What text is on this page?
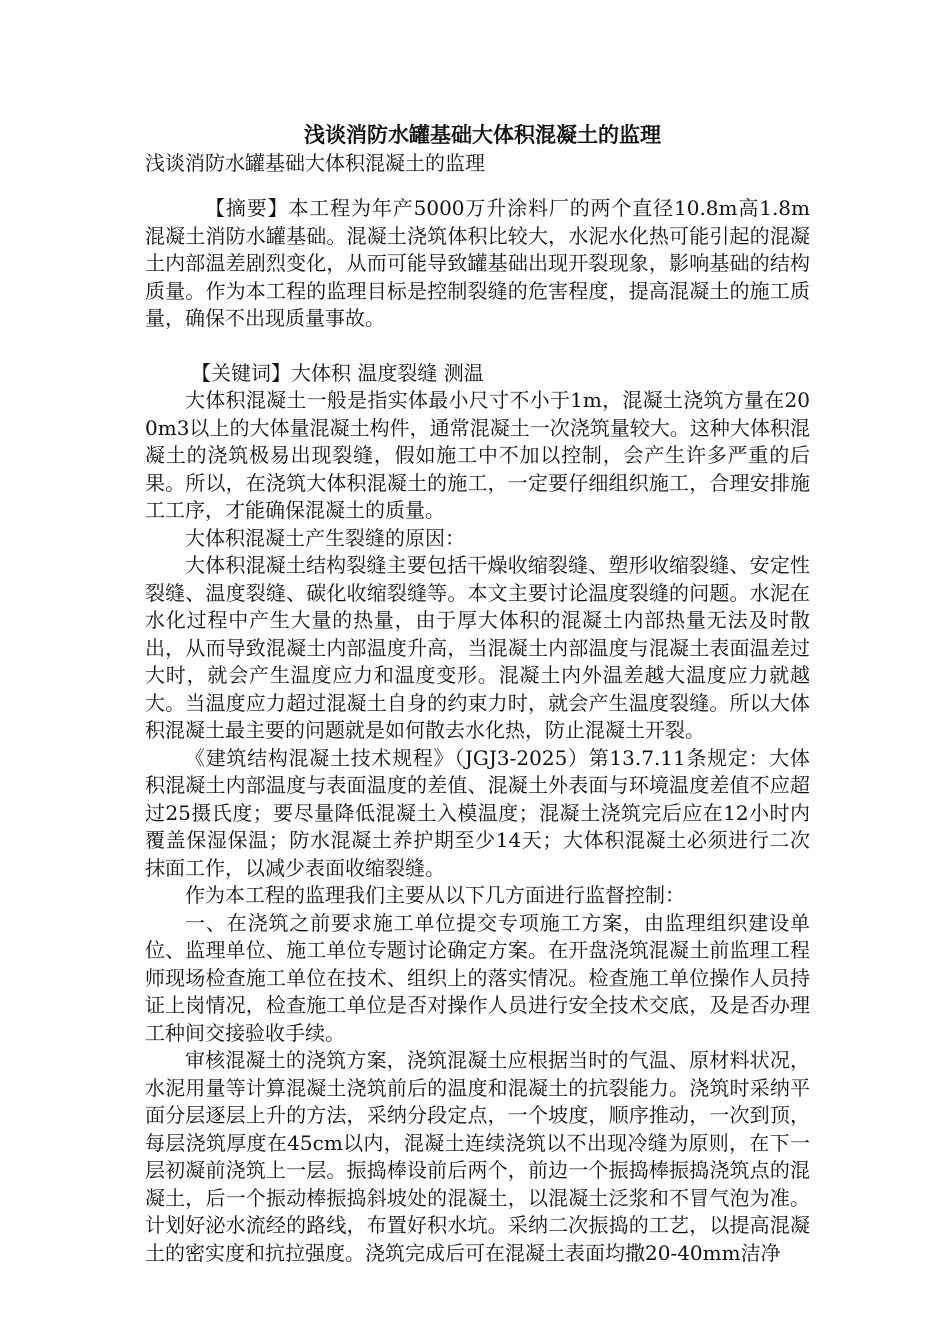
浅谈消防水罐基础大体积混凝土的监理

浅谈消防水罐基础大体积混凝土的监理

【摘要】本工程为年产5000万升涂料厂的两个直径10.8m高1.8m混凝土消防水罐基础。混凝土浇筑体积比较大，水泥水化热可能引起的混凝土内部温差剧烈变化，从而可能导致罐基础出现开裂现象，影响基础的结构质量。作为本工程的监理目标是控制裂缝的危害程度，提高混凝土的施工质量，确保不出现质量事故。

【关键词】大体积 温度裂缝 测温

大体积混凝土一般是指实体最小尺寸不小于1m，混凝土浇筑方量在200m3以上的大体量混凝土构件，通常混凝土一次浇筑量较大。这种大体积混凝土的浇筑极易出现裂缝，假如施工中不加以控制，会产生许多严重的后果。所以，在浇筑大体积混凝土的施工，一定要仔细组织施工，合理安排施工工序，才能确保混凝土的质量。

大体积混凝土产生裂缝的原因：

大体积混凝土结构裂缝主要包括干燥收缩裂缝、塑形收缩裂缝、安定性裂缝、温度裂缝、碳化收缩裂缝等。本文主要讨论温度裂缝的问题。水泥在水化过程中产生大量的热量，由于厚大体积的混凝土内部热量无法及时散出，从而导致混凝土内部温度升高，当混凝土内部温度与混凝土表面温差过大时，就会产生温度应力和温度变形。混凝土内外温差越大温度应力就越大。当温度应力超过混凝土自身的约束力时，就会产生温度裂缝。所以大体积混凝土最主要的问题就是如何散去水化热，防止混凝土开裂。

《建筑结构混凝土技术规程》（JGJ3-2025）第13.7.11条规定：大体积混凝土内部温度与表面温度的差值、混凝土外表面与环境温度差值不应超过25摄氏度；要尽量降低混凝土入模温度；混凝土浇筑完后应在12小时内覆盖保湿保温；防水混凝土养护期至少14天；大体积混凝土必须进行二次抹面工作，以减少表面收缩裂缝。

作为本工程的监理我们主要从以下几方面进行监督控制：

一、在浇筑之前要求施工单位提交专项施工方案，由监理组织建设单位、监理单位、施工单位专题讨论确定方案。在开盘浇筑混凝土前监理工程师现场检查施工单位在技术、组织上的落实情况。检查施工单位操作人员持证上岗情况，检查施工单位是否对操作人员进行安全技术交底，及是否办理工种间交接验收手续。

审核混凝土的浇筑方案，浇筑混凝土应根据当时的气温、原材料状况，水泥用量等计算混凝土浇筑前后的温度和混凝土的抗裂能力。浇筑时采纳平面分层逐层上升的方法，采纳分段定点，一个坡度，顺序推动，一次到顶，每层浇筑厚度在45cm以内，混凝土连续浇筑以不出现冷缝为原则，在下一层初凝前浇筑上一层。振捣棒设前后两个，前边一个振捣棒振捣浇筑点的混凝土，后一个振动棒振捣斜坡处的混凝土，以混凝土泛浆和不冒气泡为准。计划好泌水流经的路线，布置好积水坑。采纳二次振捣的工艺，以提高混凝土的密实度和抗拉强度。浇筑完成后可在混凝土表面均撒20-40mm洁净
